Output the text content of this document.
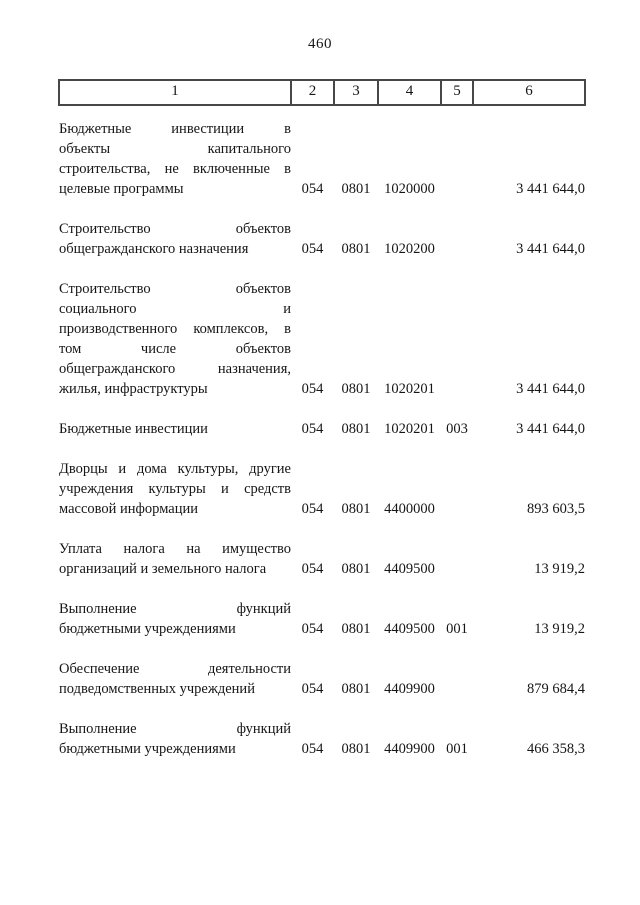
460
1	2	3	4	5	6

Бюджетные инвестиции в
объекты капитального
строительства, не включенные в
целевые программы	054	0801	1020000		3 441 644,0

Строительство объектов
общегражданского назначения	054	0801	1020200		3 441 644,0

Строительство объектов
социального и
производственного комплексов, в
том числе объектов
общегражданского назначения,
жилья, инфраструктуры	054	0801	1020201		3 441 644,0

Бюджетные инвестиции	054	0801	1020201	003	3 441 644,0

Дворцы и дома культуры, другие
учреждения культуры и средств
массовой информации	054	0801	4400000		893 603,5

Уплата налога на имущество
организаций и земельного налога	054	0801	4409500		13 919,2

Выполнение функций
бюджетными учреждениями	054	0801	4409500	001	13 919,2

Обеспечение деятельности
подведомственных учреждений	054	0801	4409900		879 684,4

Выполнение функций
бюджетными учреждениями	054	0801	4409900	001	466 358,3
